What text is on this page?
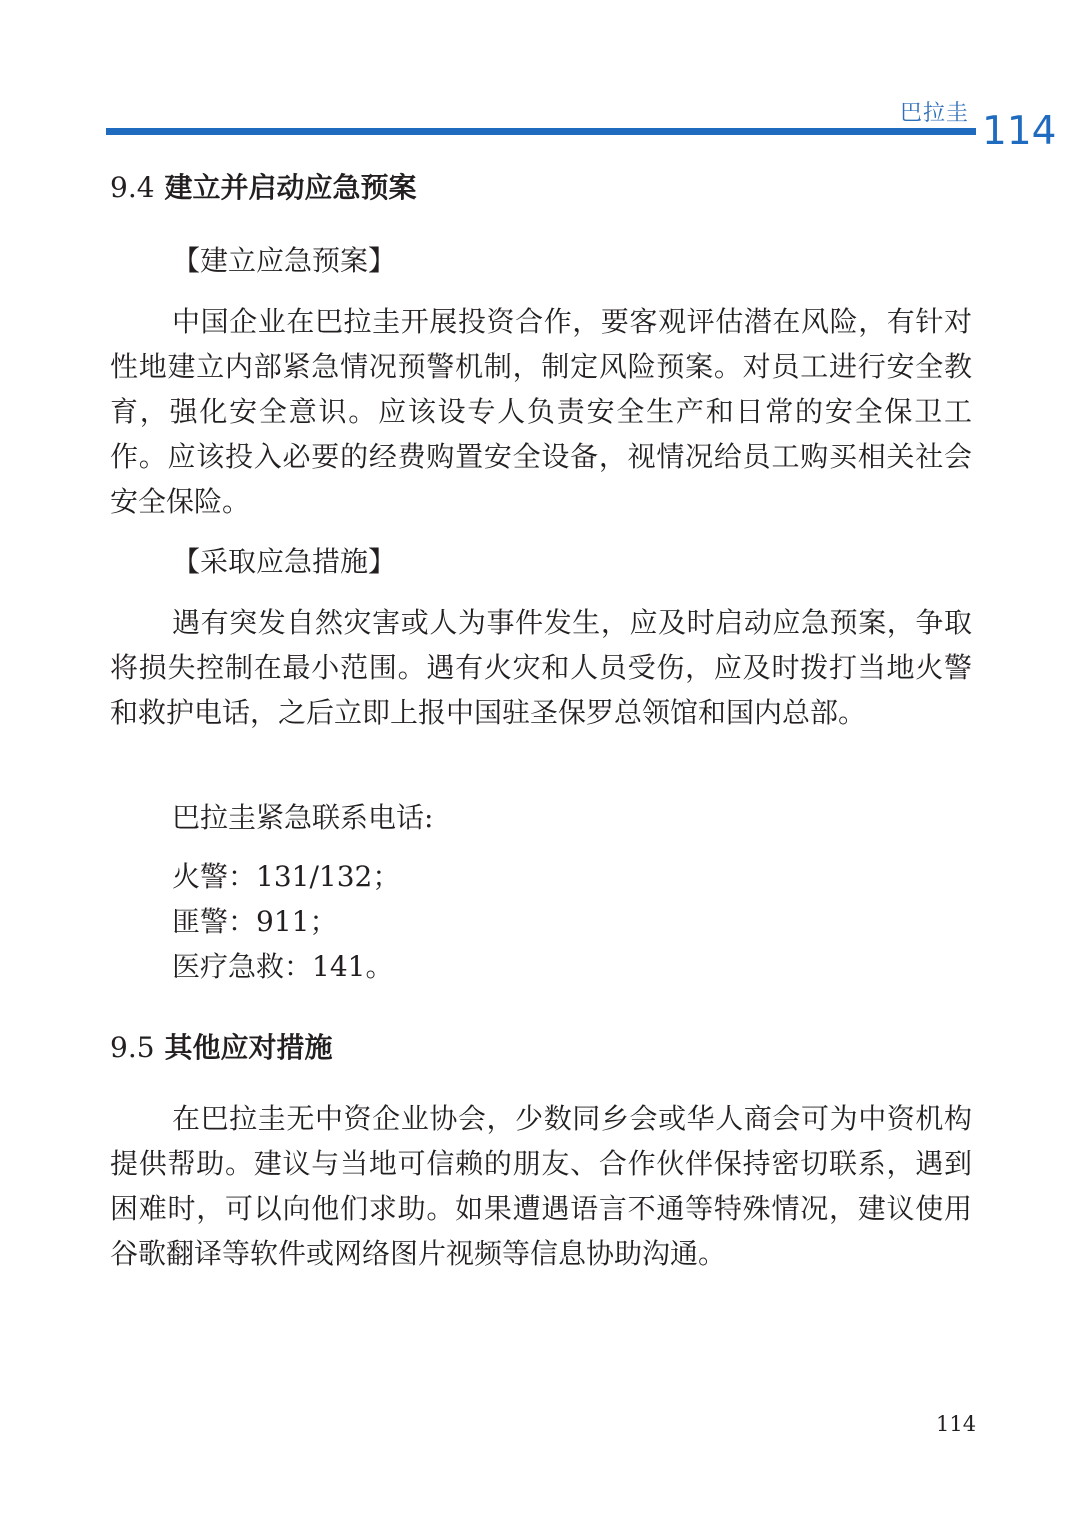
巴拉圭 114
9.4 建立并启动应急预案
【建立应急预案】

中国企业在巴拉圭开展投资合作，要客观评估潜在风险，有针对性地建立内部紧急情况预警机制，制定风险预案。对员工进行安全教育，强化安全意识。应该设专人负责安全生产和日常的安全保卫工作。应该投入必要的经费购置安全设备，视情况给员工购买相关社会安全保险。

【采取应急措施】

遇有突发自然灾害或人为事件发生，应及时启动应急预案，争取将损失控制在最小范围。遇有火灾和人员受伤，应及时拨打当地火警和救护电话，之后立即上报中国驻圣保罗总领馆和国内总部。

巴拉圭紧急联系电话:
火警：131/132；
匪警：911；
医疗急救：141。
9.5 其他应对措施

在巴拉圭无中资企业协会，少数同乡会或华人商会可为中资机构提供帮助。建议与当地可信赖的朋友、合作伙伴保持密切联系，遇到困难时，可以向他们求助。如果遭遇语言不通等特殊情况，建议使用谷歌翻译等软件或网络图片视频等信息协助沟通。

114
